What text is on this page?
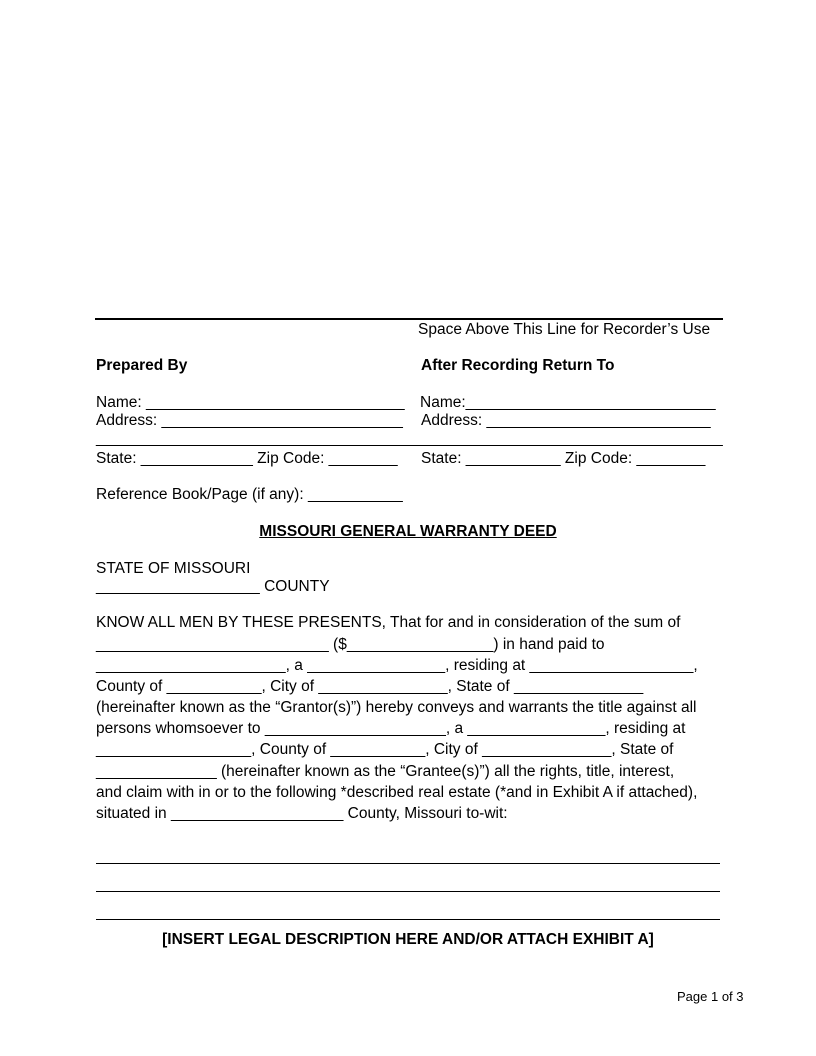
Space Above This Line for Recorder’s Use
Prepared By
Name: ______________________________
Address: ____________________________
______________________________________
State: _____________ Zip Code: ________
After Recording Return To
Name:_____________________________
Address: __________________________
___________________________________
State: ___________ Zip Code: ________
Reference Book/Page (if any): ___________
MISSOURI GENERAL WARRANTY DEED
STATE OF MISSOURI
___________________ COUNTY
KNOW ALL MEN BY THESE PRESENTS, That for and in consideration of the sum of
___________________________ ($_________________) in hand paid to
______________________, a ________________, residing at ___________________,
County of ___________, City of _______________, State of _______________
(hereinafter known as the “Grantor(s)”) hereby conveys and warrants the title against all
persons whomsoever to _____________________, a ________________, residing at
__________________, County of ___________, City of _______________, State of
______________ (hereinafter known as the “Grantee(s)”) all the rights, title, interest,
and claim with in or to the following *described real estate (*and in Exhibit A if attached),
situated in ____________________ County, Missouri to-wit:
[INSERT LEGAL DESCRIPTION HERE AND/OR ATTACH EXHIBIT A]
Page 1 of 3
